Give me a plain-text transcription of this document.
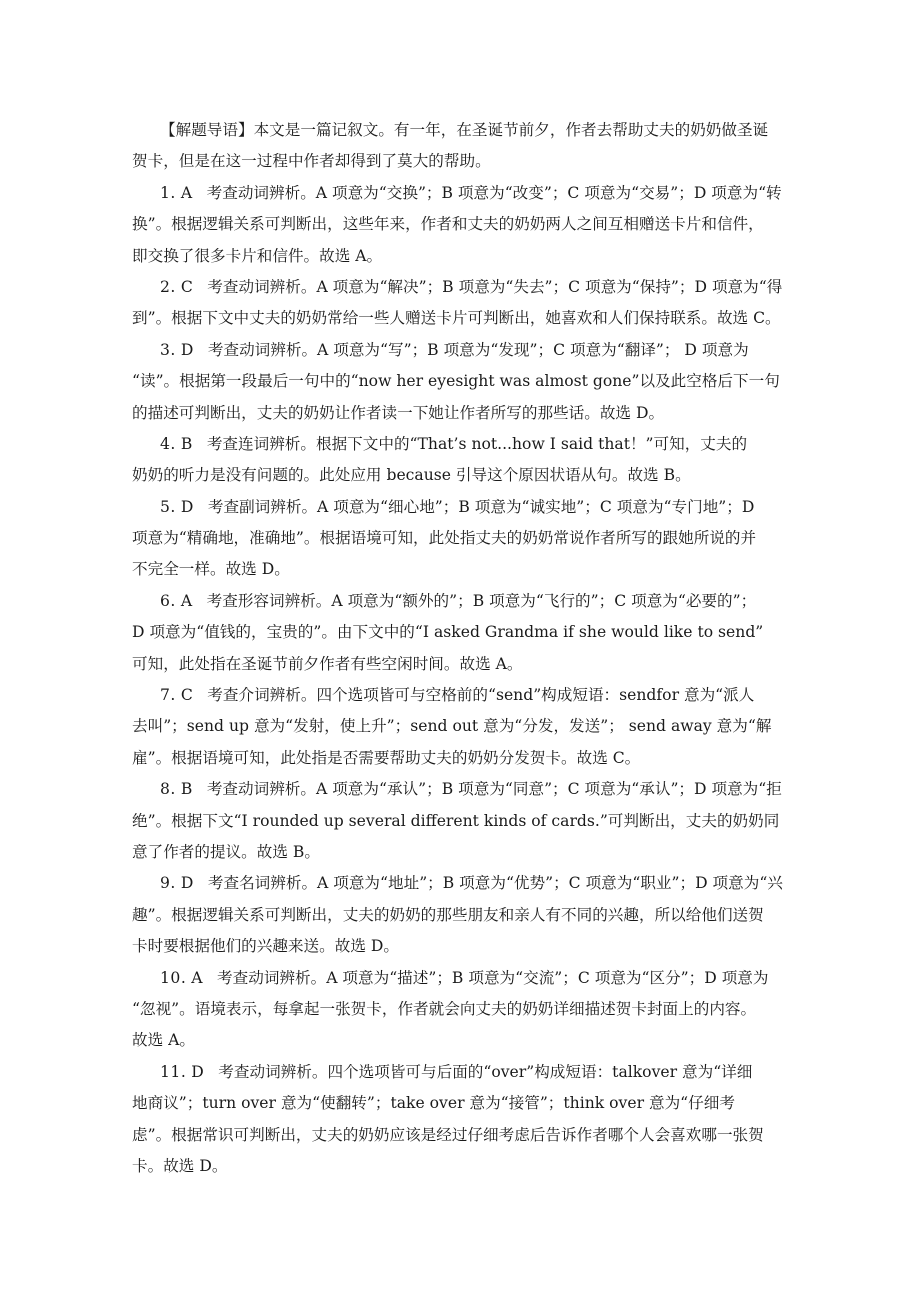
【解题导语】本文是一篇记叙文。有一年，在圣诞节前夕，作者去帮助丈夫的奶奶做圣诞
贺卡，但是在这一过程中作者却得到了莫大的帮助。
1. A 考查动词辨析。A 项意为“交换”；B 项意为“改变”；C 项意为“交易”；D 项意为“转
换”。根据逻辑关系可判断出，这些年来，作者和丈夫的奶奶两人之间互相赠送卡片和信件，
即交换了很多卡片和信件。故选 A。
2. C 考查动词辨析。A 项意为“解决”；B 项意为“失去”；C 项意为“保持”；D 项意为“得
到”。根据下文中丈夫的奶奶常给一些人赠送卡片可判断出，她喜欢和人们保持联系。故选 C。
3. D 考查动词辨析。A 项意为“写”；B 项意为“发现”；C 项意为“翻译”； D 项意为
“读”。根据第一段最后一句中的“now her eyesight was almost gone”以及此空格后下一句
的描述可判断出，丈夫的奶奶让作者读一下她让作者所写的那些话。故选 D。
4. B 考查连词辨析。根据下文中的“That’s not...how I said that！”可知，丈夫的
奶奶的听力是没有问题的。此处应用 because 引导这个原因状语从句。故选 B。
5. D 考查副词辨析。A 项意为“细心地”；B 项意为“诚实地”；C 项意为“专门地”；D
项意为“精确地，准确地”。根据语境可知，此处指丈夫的奶奶常说作者所写的跟她所说的并
不完全一样。故选 D。
6. A 考查形容词辨析。A 项意为“额外的”；B 项意为“飞行的”；C 项意为“必要的”；
D 项意为“值钱的，宝贵的”。由下文中的“I asked Grandma if she would like to send”
可知，此处指在圣诞节前夕作者有些空闲时间。故选 A。
7. C 考查介词辨析。四个选项皆可与空格前的“send”构成短语：sendfor 意为“派人
去叫”；send up 意为“发射，使上升”；send out 意为“分发，发送”； send away 意为“解
雇”。根据语境可知，此处指是否需要帮助丈夫的奶奶分发贺卡。故选 C。
8. B 考查动词辨析。A 项意为“承认”；B 项意为“同意”；C 项意为“承认”；D 项意为“拒
绝”。根据下文“I rounded up several different kinds of cards.”可判断出，丈夫的奶奶同
意了作者的提议。故选 B。
9. D 考查名词辨析。A 项意为“地址”；B 项意为“优势”；C 项意为“职业”；D 项意为“兴
趣”。根据逻辑关系可判断出，丈夫的奶奶的那些朋友和亲人有不同的兴趣，所以给他们送贺
卡时要根据他们的兴趣来送。故选 D。
10. A 考查动词辨析。A 项意为“描述”；B 项意为“交流”；C 项意为“区分”；D 项意为
“忽视”。语境表示，每拿起一张贺卡，作者就会向丈夫的奶奶详细描述贺卡封面上的内容。
故选 A。
11. D 考查动词辨析。四个选项皆可与后面的“over”构成短语：talkover 意为“详细
地商议”；turn over 意为“使翻转”；take over 意为“接管”；think over 意为“仔细考
虑”。根据常识可判断出，丈夫的奶奶应该是经过仔细考虑后告诉作者哪个人会喜欢哪一张贺
卡。故选 D。
